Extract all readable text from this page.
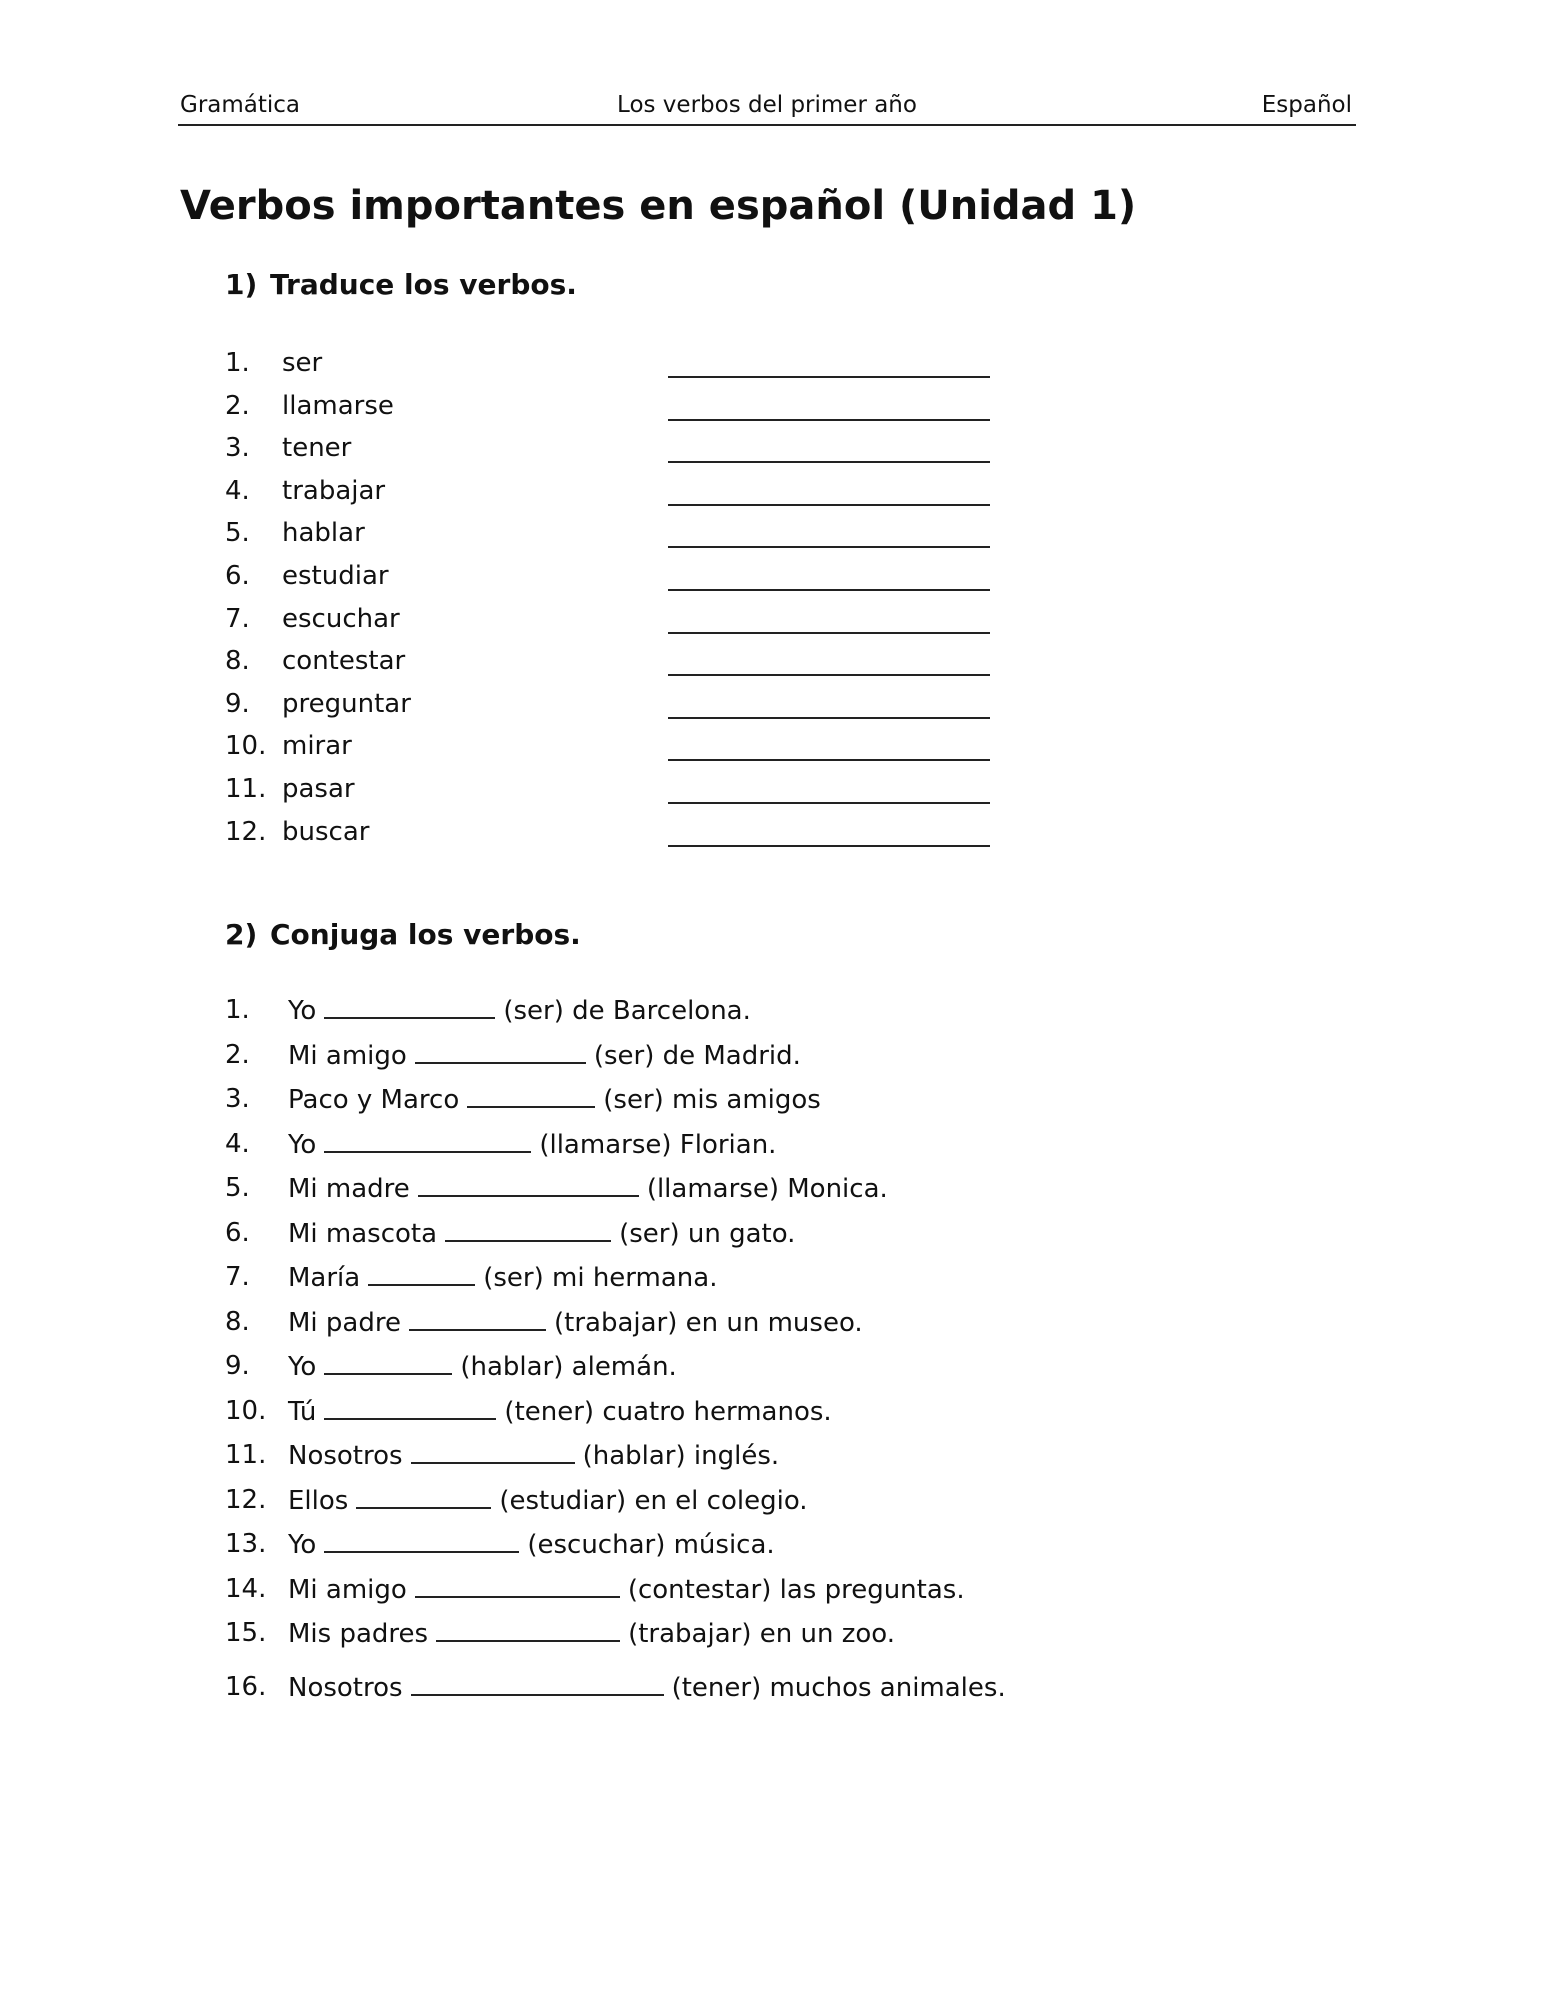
Gramática	Los verbos del primer año	Español
Verbos importantes en español (Unidad 1)
1) Traduce los verbos.
1. ser
2. llamarse
3. tener
4. trabajar
5. hablar
6. estudiar
7. escuchar
8. contestar
9. preguntar
10. mirar
11. pasar
12. buscar
2) Conjuga los verbos.
1. Yo	(ser) de Barcelona.
2. Mi amigo	(ser) de Madrid.
3. Paco y Marco	(ser) mis amigos
4. Yo	(llamarse) Florian.
5. Mi madre	(llamarse) Monica.
6. Mi mascota	(ser) un gato.
7. María	(ser) mi hermana.
8. Mi padre	(trabajar) en un museo.
9. Yo	(hablar) alemán.
10. Tú	(tener) cuatro hermanos.
11. Nosotros	(hablar) inglés.
12. Ellos	(estudiar) en el colegio.
13. Yo	(escuchar) música.
14. Mi amigo	(contestar) las preguntas.
15. Mis padres	(trabajar) en un zoo.
16. Nosotros	(tener) muchos animales.
